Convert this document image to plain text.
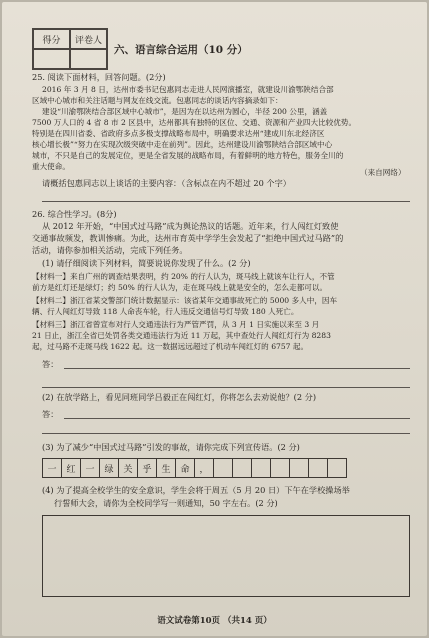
得分	评卷人
六、语言综合运用（10 分）
25. 阅读下面材料，回答问题。(2分)
2016 年 3 月 8 日，达州市委书记包惠同志走进人民网演播室，就建设川渝鄂陕结合部
区域中心城市和关注话题与网友在线交流。包惠同志的谈话内容摘录如下：
建设“川渝鄂陕结合部区域中心城市”，是因为在以达州为圆心，半径 200 公里，涵盖
7500 万人口的 4 省 8 市 2 区县中，达州都具有独特的区位、交通、资源和产业四大比较优势。
特别是在四川省委、省政府多点多极支撑战略布局中，明确要求达州“建成川东北经济区
核心增长极”“努力在实现次级突破中走在前列”。因此，达州建设川渝鄂陕结合部区域中心
城市，不只是自己的发展定位，更是全省发展的战略布局，有着鲜明的地方特色，服务全川的
重大使命。
（来自网络）
请概括包惠同志以上谈话的主要内容：（含标点在内不超过 20 个字）
26. 综合性学习。(8分)
从 2012 年开始，“中国式过马路”成为舆论热议的话题。近年来，行人闯红灯致使
交通事故频发，教训惨痛。为此，达州市育英中学学生会发起了“拒绝中国式过马路”的
活动，请你参加相关活动，完成下列任务。
(1) 请仔细阅读下列材料，简要说说你发现了什么。(2 分)
【材料一】来自广州的调查结果表明，约 20% 的行人认为，斑马线上就该车让行人，不管
前方是红灯还是绿灯；约 50% 的行人认为，走在斑马线上就是安全的，怎么走都可以。
【材料二】浙江省某交警部门统计数据显示：该省某年交通事故死亡的 5000 多人中，因车
辆、行人闯红灯导致 118 人命丧车轮，行人违反交通信号灯导致 180 人死亡。
【材料三】浙江省曾宣布对行人交通违法行为严管严罚，从 3 月 1 日实施以来至 3 月
21 日止，浙江全省已处罚各类交通违法行为近 11 万起，其中查处行人闯红灯行为 8283
起，过马路不走斑马线 1622 起。这一数据远远超过了机动车闯红灯的 6757 起。
答：
(2) 在放学路上，看见同班同学吕毅正在闯红灯，你将怎么去劝说他？(2 分)
答：
(3) 为了减少“中国式过马路”引发的事故，请你完成下列宣传语。(2 分)
一	红	一	绿	关	乎	生	命	，
(4) 为了提高全校学生的安全意识，学生会将于周五（5 月 20 日）下午在学校操场举
行誓师大会，请你为全校同学写一则通知，50 字左右。(2 分)
语文试卷第10页 （共14 页）
